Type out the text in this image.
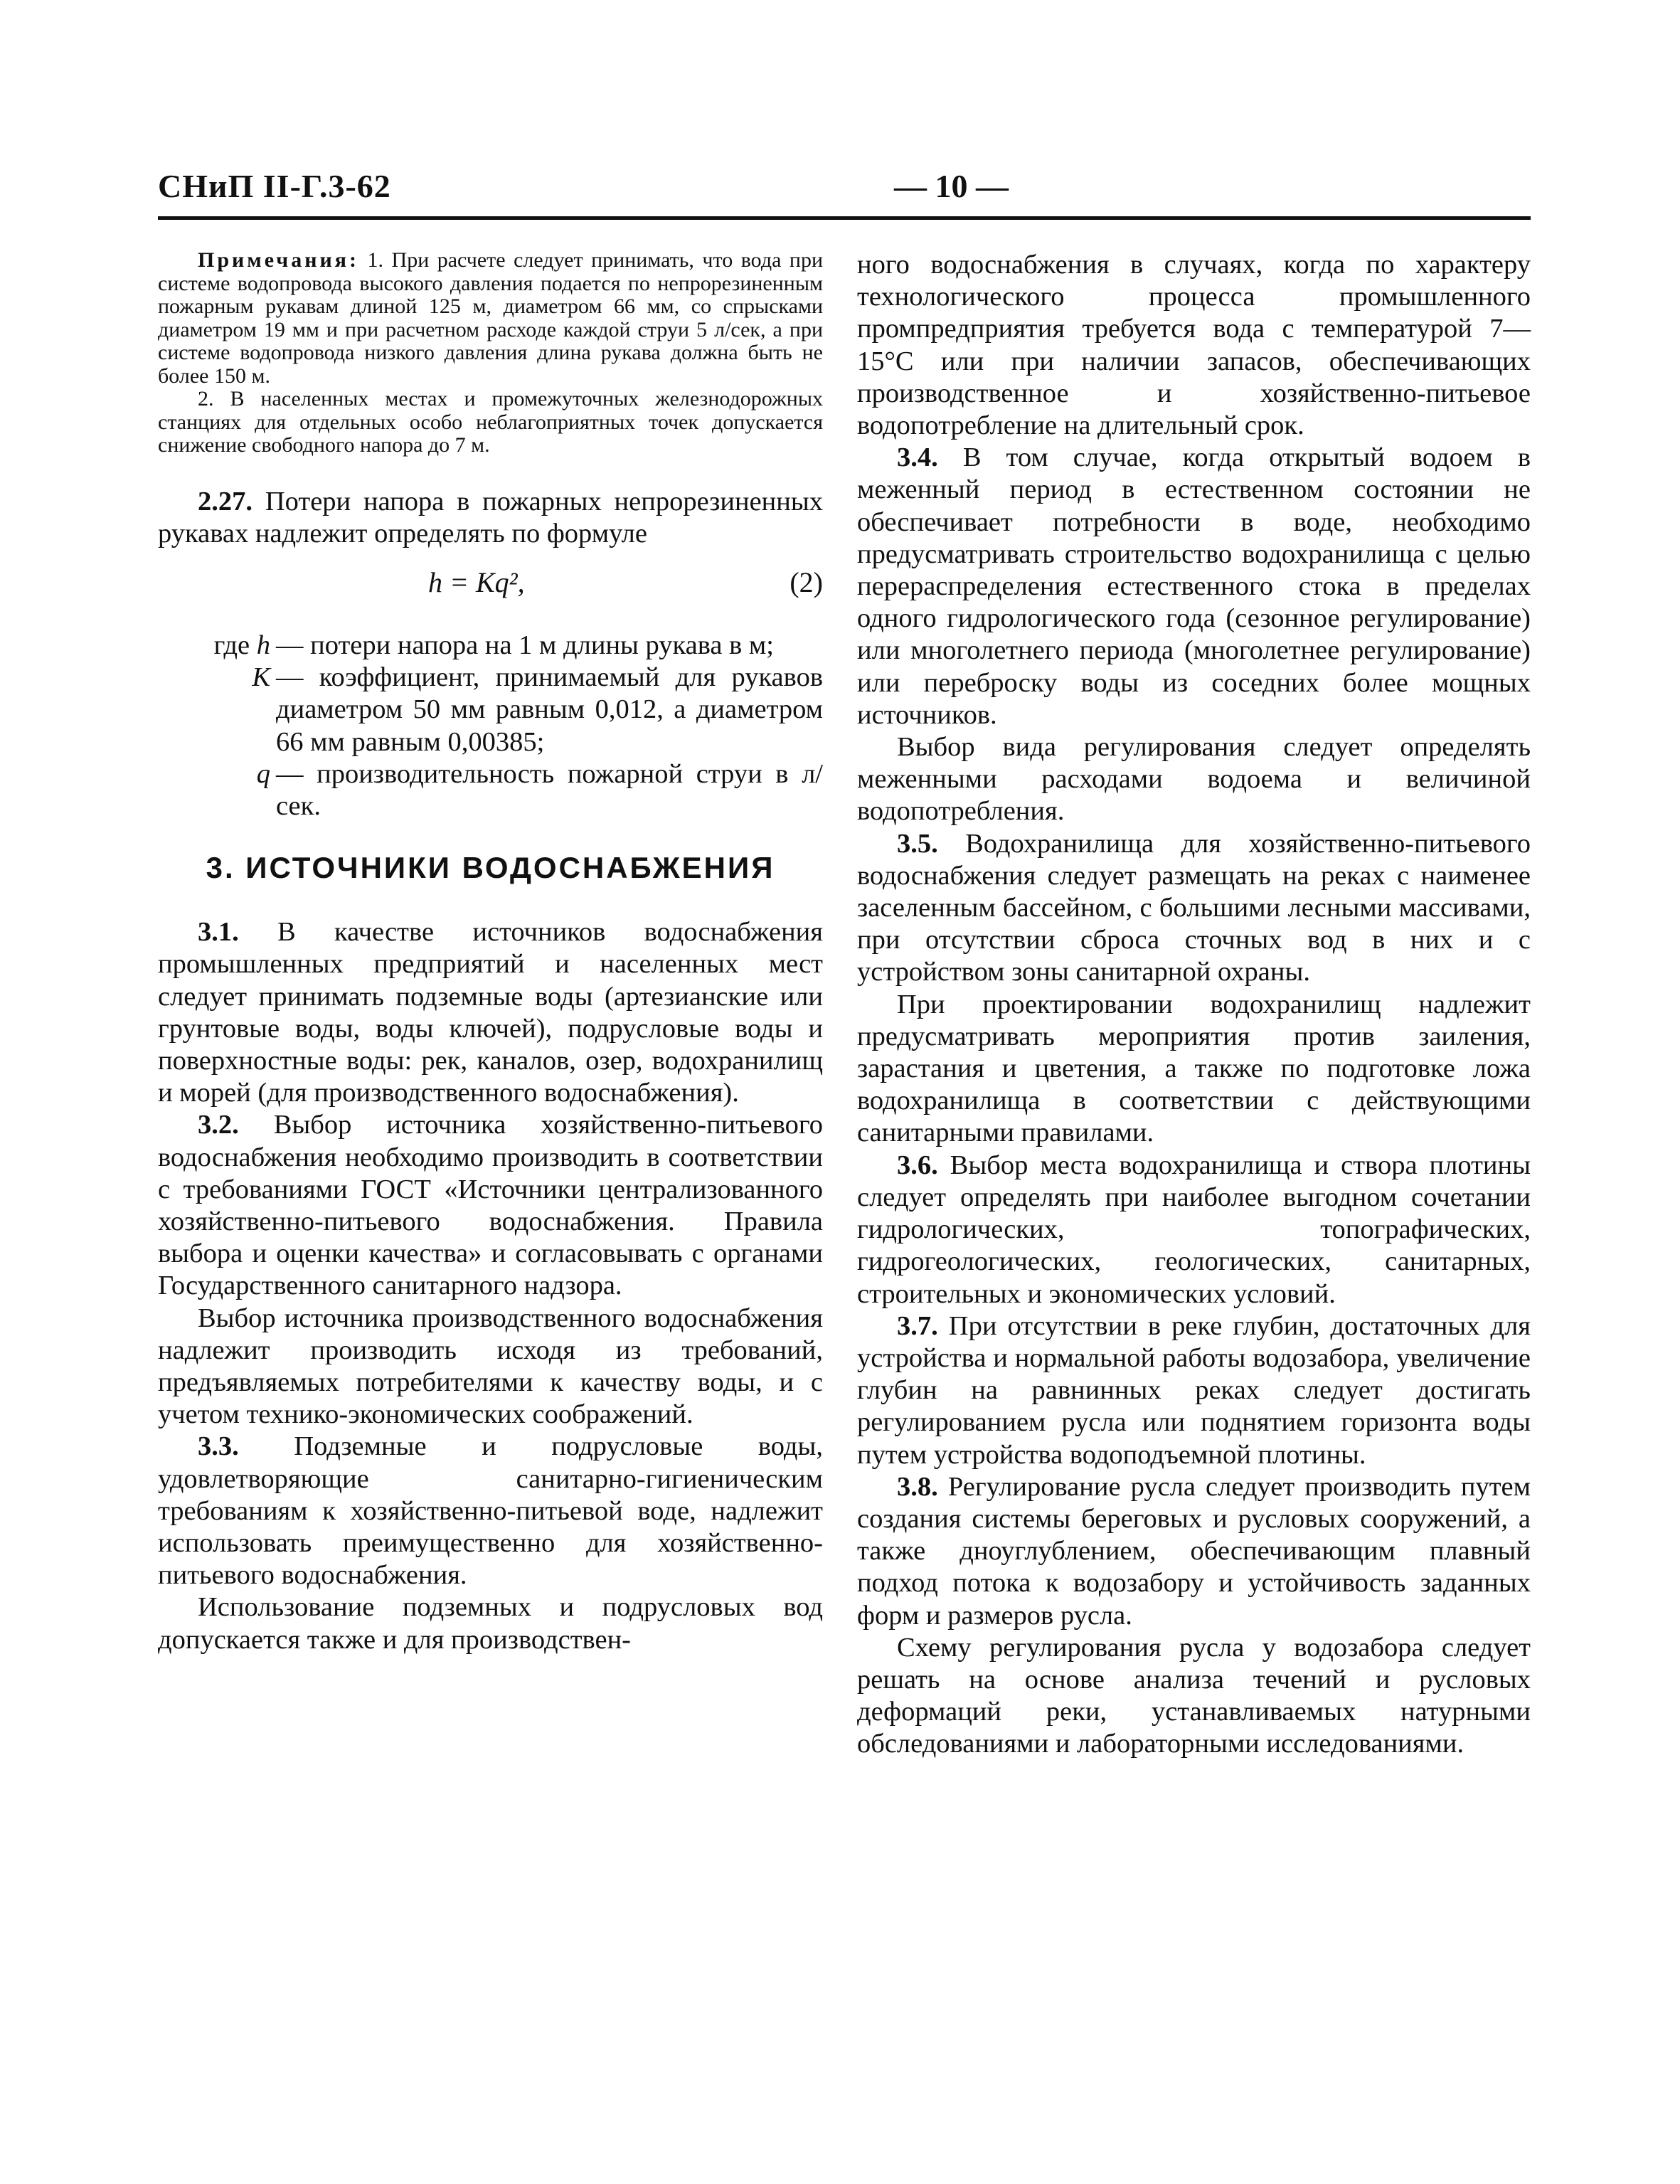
СНиП II-Г.3-62	— 10 —

Примечания: 1. При расчете следует принимать, что вода при системе водопровода высокого давления подается по непрорезиненным пожарным рукавам длиной 125 м, диаметром 66 мм, со спрысками диаметром 19 мм и при расчетном расходе каждой струи 5 л/сек, а при системе водопровода низкого давления длина рукава должна быть не более 150 м.

2. В населенных местах и промежуточных железнодорожных станциях для отдельных особо неблагоприятных точек допускается снижение свободного напора до 7 м.

2.27. Потери напора в пожарных непрорезиненных рукавах надлежит определять по формуле

h = Kq²,	(2)
где h — потери напора на 1 м длины рукава в м;
K — коэффициент, принимаемый для рукавов диаметром 50 мм равным 0,012, а диаметром 66 мм равным 0,00385;
q — производительность пожарной струи в л/сек.
3. ИСТОЧНИКИ ВОДОСНАБЖЕНИЯ

3.1. В качестве источников водоснабжения промышленных предприятий и населенных мест следует принимать подземные воды (артезианские или грунтовые воды, воды ключей), подрусловые воды и поверхностные воды: рек, каналов, озер, водохранилищ и морей (для производственного водоснабжения).

3.2. Выбор источника хозяйственно-питьевого водоснабжения необходимо производить в соответствии с требованиями ГОСТ «Источники централизованного хозяйственно-питьевого водоснабжения. Правила выбора и оценки качества» и согласовывать с органами Государственного санитарного надзора.

Выбор источника производственного водоснабжения надлежит производить исходя из требований, предъявляемых потребителями к качеству воды, и с учетом технико-экономических соображений.

3.3. Подземные и подрусловые воды, удовлетворяющие санитарно-гигиеническим требованиям к хозяйственно-питьевой воде, надлежит использовать преимущественно для хозяйственно-питьевого водоснабжения.

Использование подземных и подрусловых вод допускается также и для производствен-

ного водоснабжения в случаях, когда по характеру технологического процесса промышленного промпредприятия требуется вода с температурой 7—15°С или при наличии запасов, обеспечивающих производственное и хозяйственно-питьевое водопотребление на длительный срок.

3.4. В том случае, когда открытый водоем в меженный период в естественном состоянии не обеспечивает потребности в воде, необходимо предусматривать строительство водохранилища с целью перераспределения естественного стока в пределах одного гидрологического года (сезонное регулирование) или многолетнего периода (многолетнее регулирование) или переброску воды из соседних более мощных источников.

Выбор вида регулирования следует определять меженными расходами водоема и величиной водопотребления.

3.5. Водохранилища для хозяйственно-питьевого водоснабжения следует размещать на реках с наименее заселенным бассейном, с большими лесными массивами, при отсутствии сброса сточных вод в них и с устройством зоны санитарной охраны.

При проектировании водохранилищ надлежит предусматривать мероприятия против заиления, зарастания и цветения, а также по подготовке ложа водохранилища в соответствии с действующими санитарными правилами.

3.6. Выбор места водохранилища и створа плотины следует определять при наиболее выгодном сочетании гидрологических, топографических, гидрогеологических, геологических, санитарных, строительных и экономических условий.

3.7. При отсутствии в реке глубин, достаточных для устройства и нормальной работы водозабора, увеличение глубин на равнинных реках следует достигать регулированием русла или поднятием горизонта воды путем устройства водоподъемной плотины.

3.8. Регулирование русла следует производить путем создания системы береговых и русловых сооружений, а также дноуглублением, обеспечивающим плавный подход потока к водозабору и устойчивость заданных форм и размеров русла.

Схему регулирования русла у водозабора следует решать на основе анализа течений и русловых деформаций реки, устанавливаемых натурными обследованиями и лабораторными исследованиями.
